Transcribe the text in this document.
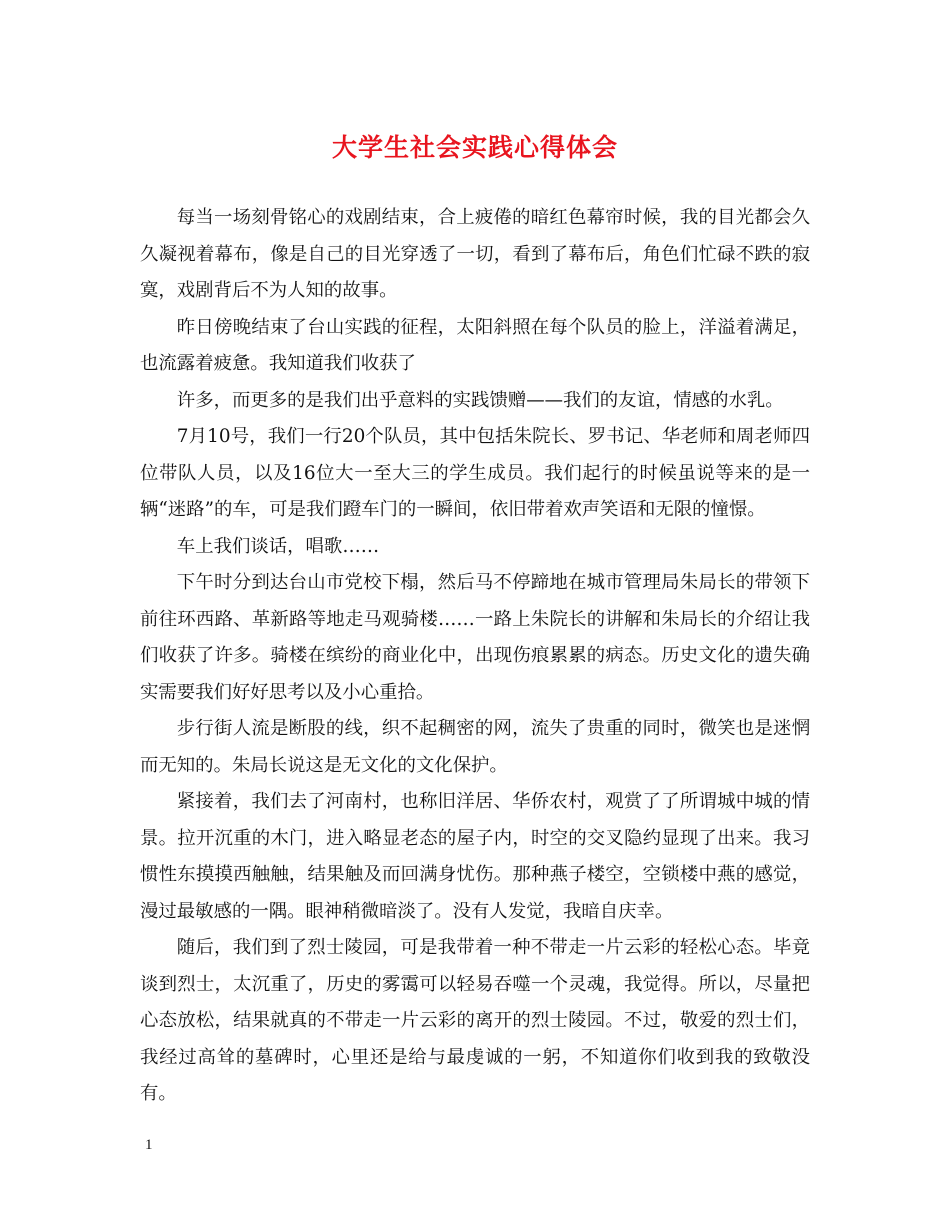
大学生社会实践心得体会

每当一场刻骨铭心的戏剧结束，合上疲倦的暗红色幕帘时候，我的目光都会久久凝视着幕布，像是自己的目光穿透了一切，看到了幕布后，角色们忙碌不跌的寂寞，戏剧背后不为人知的故事。

昨日傍晚结束了台山实践的征程，太阳斜照在每个队员的脸上，洋溢着满足，也流露着疲惫。我知道我们收获了

许多，而更多的是我们出乎意料的实践馈赠——我们的友谊，情感的水乳。

7月10号，我们一行20个队员，其中包括朱院长、罗书记、华老师和周老师四位带队人员，以及16位大一至大三的学生成员。我们起行的时候虽说等来的是一辆“迷路”的车，可是我们蹬车门的一瞬间，依旧带着欢声笑语和无限的憧憬。

车上我们谈话，唱歌……

下午时分到达台山市党校下榻，然后马不停蹄地在城市管理局朱局长的带领下前往环西路、革新路等地走马观骑楼……一路上朱院长的讲解和朱局长的介绍让我们收获了许多。骑楼在缤纷的商业化中，出现伤痕累累的病态。历史文化的遗失确实需要我们好好思考以及小心重拾。

步行街人流是断股的线，织不起稠密的网，流失了贵重的同时，微笑也是迷惘而无知的。朱局长说这是无文化的文化保护。

紧接着，我们去了河南村，也称旧洋居、华侨农村，观赏了了所谓城中城的情景。拉开沉重的木门，进入略显老态的屋子内，时空的交叉隐约显现了出来。我习惯性东摸摸西触触，结果触及而回满身忧伤。那种燕子楼空，空锁楼中燕的感觉，漫过最敏感的一隅。眼神稍微暗淡了。没有人发觉，我暗自庆幸。

随后，我们到了烈士陵园，可是我带着一种不带走一片云彩的轻松心态。毕竟谈到烈士，太沉重了，历史的雾霭可以轻易吞噬一个灵魂，我觉得。所以，尽量把心态放松，结果就真的不带走一片云彩的离开的烈士陵园。不过，敬爱的烈士们，我经过高耸的墓碑时，心里还是给与最虔诚的一躬，不知道你们收到我的致敬没有。

1
